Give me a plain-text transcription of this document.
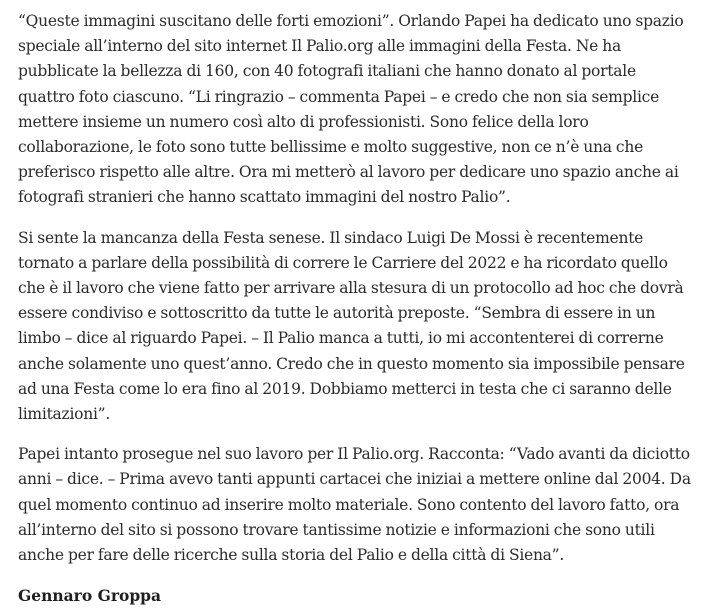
“Queste immagini suscitano delle forti emozioni”. Orlando Papei ha dedicato uno spazio speciale all’interno del sito internet Il Palio.org alle immagini della Festa. Ne ha pubblicate la bellezza di 160, con 40 fotografi italiani che hanno donato al portale quattro foto ciascuno. “Li ringrazio – commenta Papei – e credo che non sia semplice mettere insieme un numero così alto di professionisti. Sono felice della loro collaborazione, le foto sono tutte bellissime e molto suggestive, non ce n’è una che preferisco rispetto alle altre. Ora mi metterò al lavoro per dedicare uno spazio anche ai fotografi stranieri che hanno scattato immagini del nostro Palio”.

Si sente la mancanza della Festa senese. Il sindaco Luigi De Mossi è recentemente tornato a parlare della possibilità di correre le Carriere del 2022 e ha ricordato quello che è il lavoro che viene fatto per arrivare alla stesura di un protocollo ad hoc che dovrà essere condiviso e sottoscritto da tutte le autorità preposte. “Sembra di essere in un limbo – dice al riguardo Papei. – Il Palio manca a tutti, io mi accontenterei di correrne anche solamente uno quest’anno. Credo che in questo momento sia impossibile pensare ad una Festa come lo era fino al 2019. Dobbiamo metterci in testa che ci saranno delle limitazioni”.

Papei intanto prosegue nel suo lavoro per Il Palio.org. Racconta: “Vado avanti da diciotto anni – dice. – Prima avevo tanti appunti cartacei che iniziai a mettere online dal 2004. Da quel momento continuo ad inserire molto materiale. Sono contento del lavoro fatto, ora all’interno del sito si possono trovare tantissime notizie e informazioni che sono utili anche per fare delle ricerche sulla storia del Palio e della città di Siena”.

Gennaro Groppa
